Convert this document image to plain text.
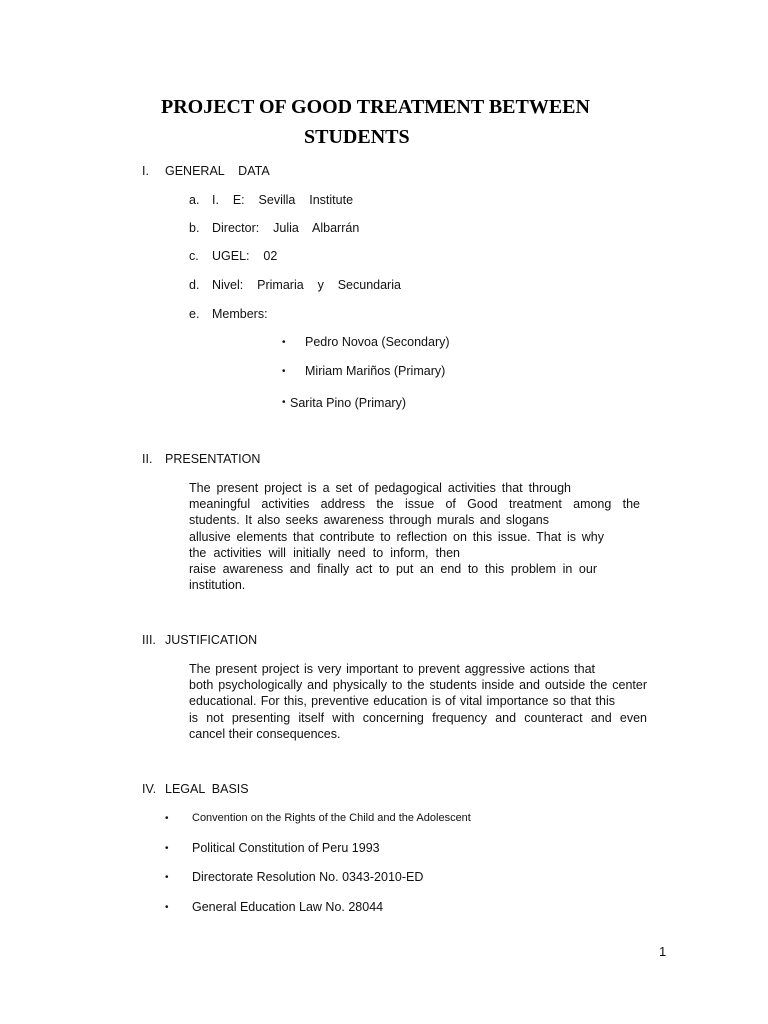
PROJECT OF GOOD TREATMENT BETWEEN
STUDENTS
I. GENERAL    DATA
a. I.    E:    Sevilla    Institute
b. Director:    Julia    Albarrán
c. UGEL:    02
d. Nivel:    Primaria    y    Secundaria
e. Members:
• Pedro Novoa (Secondary)
• Miriam Mariños (Primary)
• Sarita Pino (Primary)
II. PRESENTATION
The present project is a set of pedagogical activities that through
meaningful activities address the issue of Good treatment among the
students. It also seeks awareness through murals and slogans
allusive elements that contribute to reflection on this issue. That is why
the activities will initially need to inform, then
raise awareness and finally act to put an end to this problem in our
institution.
III. JUSTIFICATION
The present project is very important to prevent aggressive actions that
both psychologically and physically to the students inside and outside the center
educational. For this, preventive education is of vital importance so that this
is not presenting itself with concerning frequency and counteract and even
cancel their consequences.
IV. LEGAL  BASIS
• Convention on the Rights of the Child and the Adolescent
• Political Constitution of Peru 1993
• Directorate Resolution No. 0343-2010-ED
• General Education Law No. 28044
1
